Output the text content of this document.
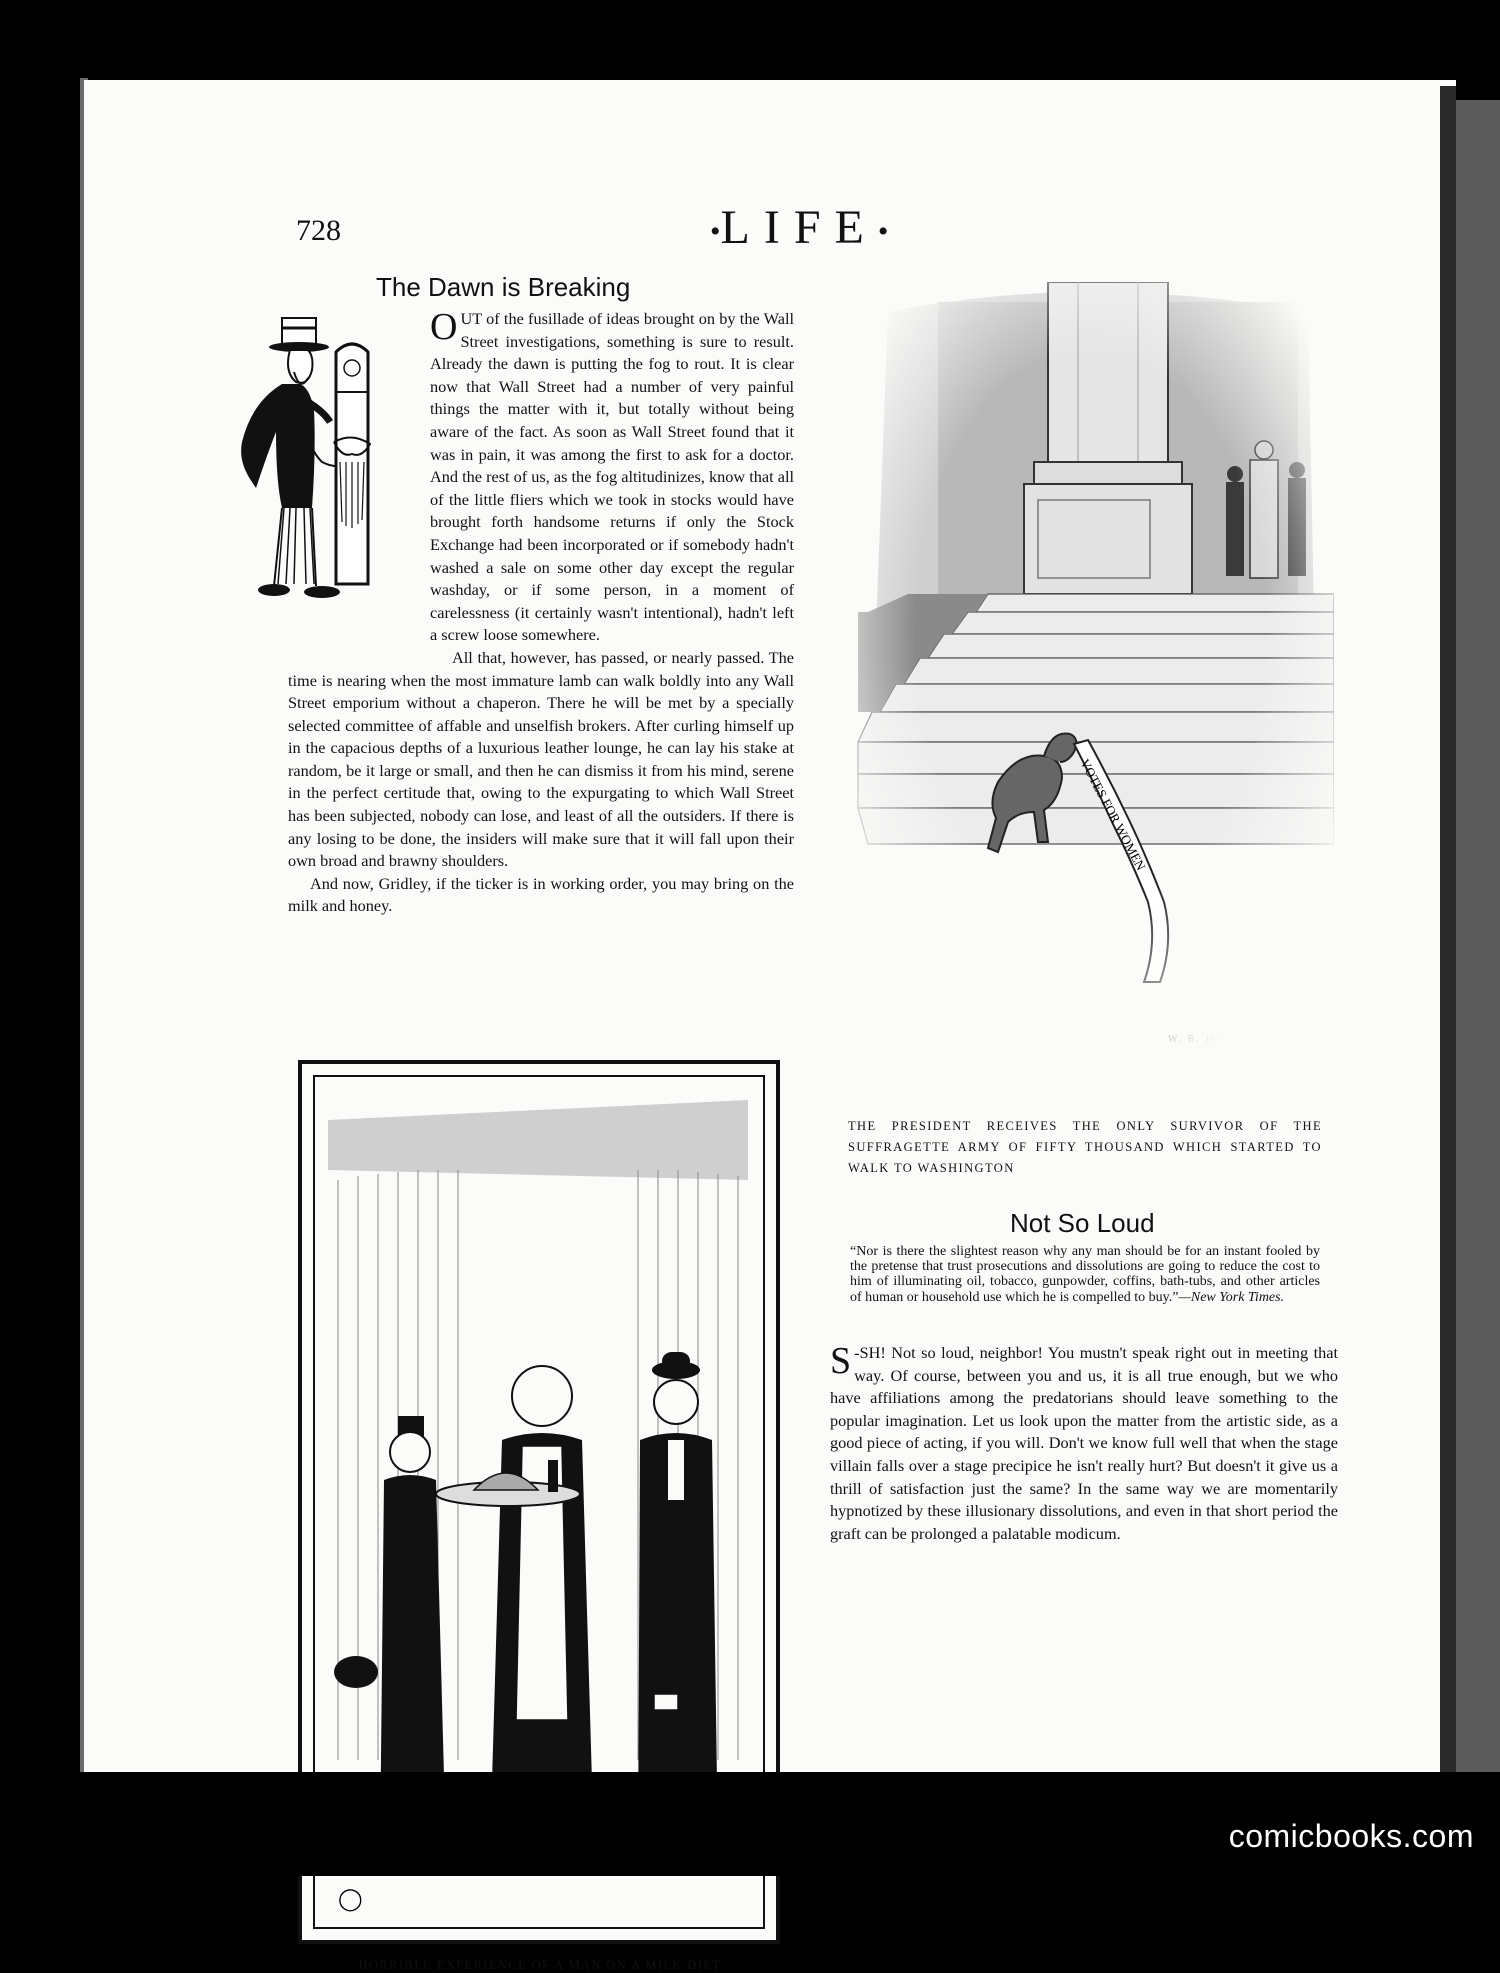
728	•LIFE•
The Dawn is Breaking

OUT of the fusillade of ideas brought on by the Wall Street investigations, something is sure to result. Already the dawn is putting the fog to rout. It is clear now that Wall Street had a number of very painful things the matter with it, but totally without being aware of the fact. As soon as Wall Street found that it was in pain, it was among the first to ask for a doctor. And the rest of us, as the fog altitudinizes, know that all of the little fliers which we took in stocks would have brought forth handsome returns if only the Stock Exchange had been incorporated or if somebody hadn't washed a sale on some other day except the regular washday, or if some person, in a moment of carelessness (it certainly wasn't intentional), hadn't left a screw loose somewhere.

All that, however, has passed, or nearly passed. The time is nearing when the most immature lamb can walk boldly into any Wall Street emporium without a chaperon. There he will be met by a specially selected committee of affable and unselfish brokers. After curling himself up in the capacious depths of a luxurious leather lounge, he can lay his stake at random, be it large or small, and then he can dismiss it from his mind, serene in the perfect certitude that, owing to the expurgating to which Wall Street has been subjected, nobody can lose, and least of all the outsiders. If there is any losing to be done, the insiders will make sure that it will fall upon their own broad and brawny shoulders.

And now, Gridley, if the ticker is in working order, you may bring on the milk and honey.

THE PRESIDENT RECEIVES THE ONLY SURVIVOR OF THE SUFFRAGETTE ARMY OF FIFTY THOUSAND WHICH STARTED TO WALK TO WASHINGTON
◯
HORRIBLE EXPERIENCE OF A MAN ON A MILK DIET
Not So Loud
“Nor is there the slightest reason why any man should be for an instant fooled by the pretense that trust prosecutions and dissolutions are going to reduce the cost to him of illuminating oil, tobacco, gunpowder, coffins, bath-tubs, and other articles of human or household use which he is compelled to buy.”—New York Times.

S -SH! Not so loud, neighbor! You mustn't speak right out in meeting that way. Of course, between you and us, it is all true enough, but we who have affiliations among the predatorians should leave something to the popular imagination. Let us look upon the matter from the artistic side, as a good piece of acting, if you will. Don't we know full well that when the stage villain falls over a stage precipice he isn't really hurt? But doesn't it give us a thrill of satisfaction just the same? In the same way we are momentarily hypnotized by these illusionary dissolutions, and even in that short period the graft can be prolonged a palatable modicum.

comicbooks.com
